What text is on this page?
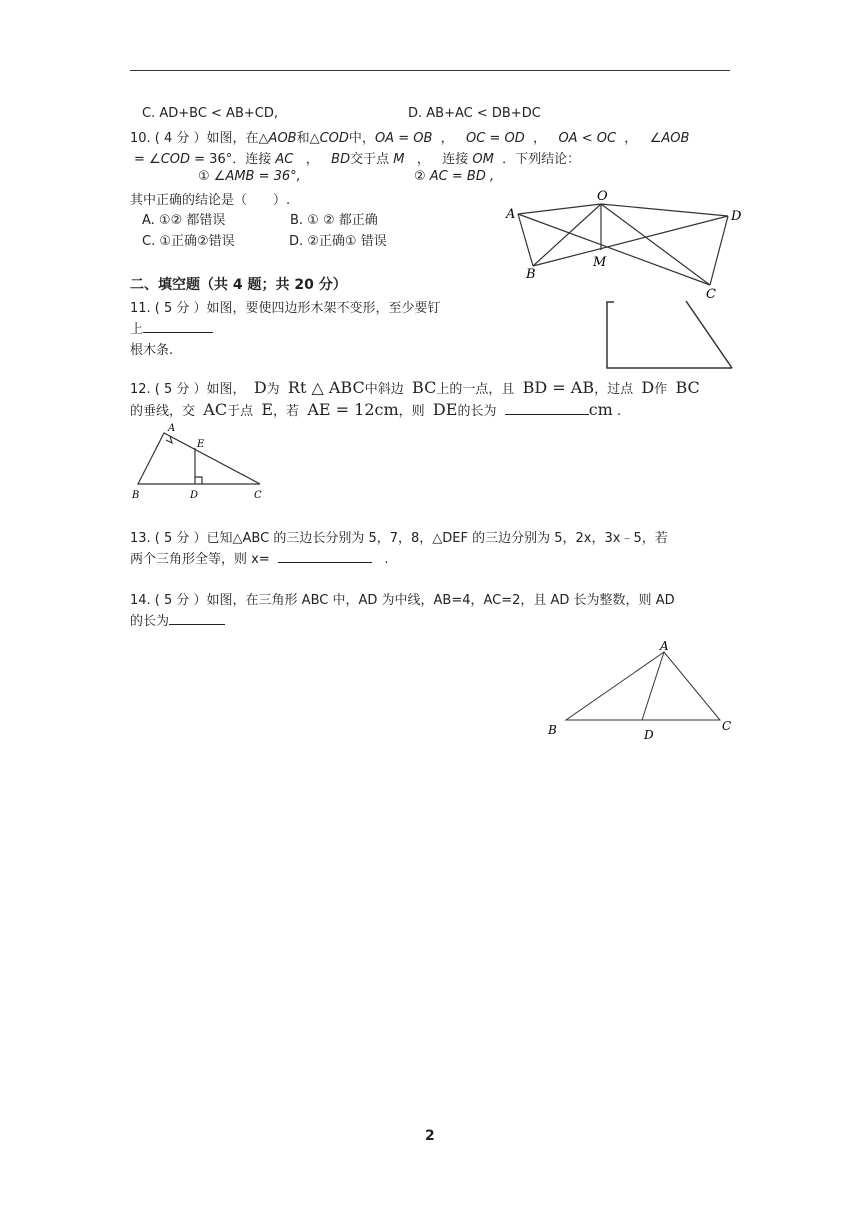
C. AD+BC < AB+CD,	D. AB+AC < DB+DC
10. ( 4 分 ）如图，在△AOB和△COD中，OA = OB  ，   OC = OD  ，   OA < OC  ，   ∠AOB
= ∠COD = 36°．连接 AC   ，   BD交于点 M   ，   连接 OM ．下列结论：
① ∠AMB = 36°,	② AC = BD ,
其中正确的结论是（　　）.
A. ①② 都错误	B. ① ② 都正确
C. ①正确②错误	D. ②正确① 错误
A
O
D
B
M
C
二、填空题（共 4 题；共 20 分）
11. ( 5 分 ）如图，要使四边形木架不变形，至少要钉
上
根木条.
12. ( 5 分 ）如图， D为 Rt △ ABC中斜边 BC上的一点，且 BD = AB，过点 D作 BC
的垂线，交 AC于点 E，若 AE = 12cm，则 DE的长为	cm .
A
E
B	D	C
13. ( 5 分 ）已知△ABC 的三边长分别为 5，7，8，△DEF 的三边分别为 5，2x，3x﹣5，若
两个三角形全等，则 x=	.
14. ( 5 分 ）如图，在三角形 ABC 中，AD 为中线，AB=4，AC=2，且 AD 长为整数，则 AD
的长为
A
B	C
D
2
